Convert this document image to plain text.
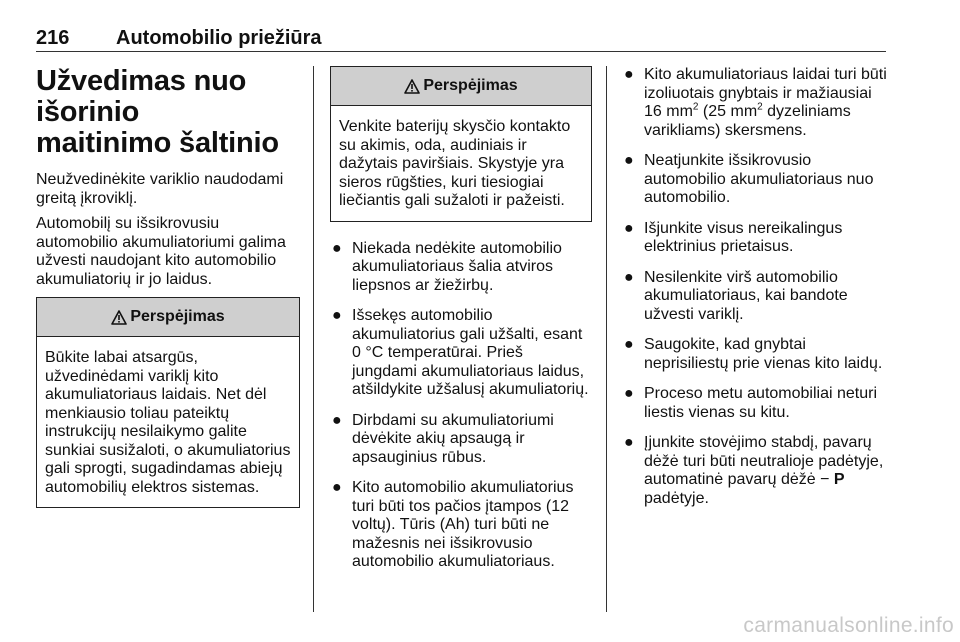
216 Automobilio priežiūra
Užvedimas nuo išorinio
maitinimo šaltinio

Neužvedinėkite variklio naudodami greitą įkroviklį.

Automobilį su išsikrovusiu automobilio akumuliatoriumi galima užvesti naudojant kito automobilio akumuliatorių ir jo laidus.

Perspėjimas
Būkite labai atsargūs, užvedinėdami variklį kito akumuliatoriaus laidais. Net dėl menkiausio toliau pateiktų instrukcijų nesilaikymo galite sunkiai susižaloti, o akumuliatorius gali sprogti, sugadindamas abiejų automobilių elektros sistemas.
Perspėjimas
Venkite baterijų skysčio kontakto su akimis, oda, audiniais ir dažytais paviršiais. Skystyje yra sieros rūgšties, kuri tiesiogiai liečiantis gali sužaloti ir pažeisti.
● Niekada nedėkite automobilio akumuliatoriaus šalia atviros liepsnos ar žiežirbų.
● Išsekęs automobilio akumuliatorius gali užšalti, esant 0 °C temperatūrai. Prieš jungdami akumuliatoriaus laidus, atšildykite užšalusį akumuliatorių.
● Dirbdami su akumuliatoriumi dėvėkite akių apsaugą ir apsauginius rūbus.
● Kito automobilio akumuliatorius turi būti tos pačios įtampos (12 voltų). Tūris (Ah) turi būti ne mažesnis nei išsikrovusio automobilio akumuliatoriaus.
● Kito akumuliatoriaus laidai turi būti izoliuotais gnybtais ir mažiausiai 16 $mm^2$ (25 $mm^2$ dyzeliniams varikliams) skersmens.
● Neatjunkite išsikrovusio automobilio akumuliatoriaus nuo automobilio.
● Išjunkite visus nereikalingus elektrinius prietaisus.
● Nesilenkite virš automobilio akumuliatoriaus, kai bandote užvesti variklį.
● Saugokite, kad gnybtai neprisiliestų prie vienas kito laidų.
● Proceso metu automobiliai neturi liestis vienas su kitu.
● Įjunkite stovėjimo stabdį, pavarų dėžė turi būti neutralioje padėtyje, automatinė pavarų dėžė − P padėtyje.
carmanualsonline.info
